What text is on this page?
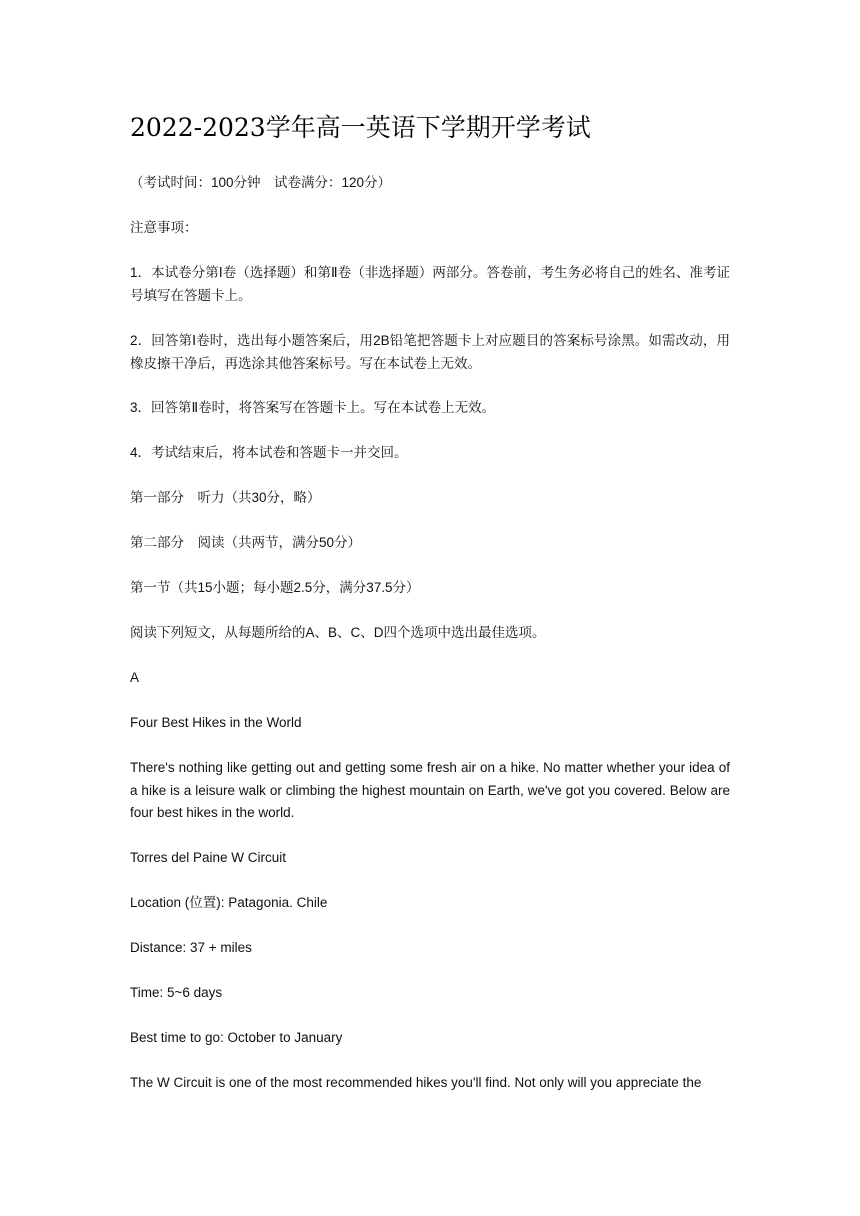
2022-2023学年高一英语下学期开学考试
（考试时间：100分钟　试卷满分：120分）
注意事项：
1．本试卷分第Ⅰ卷（选择题）和第Ⅱ卷（非选择题）两部分。答卷前，考生务必将自己的姓名、准考证号填写在答题卡上。
2．回答第Ⅰ卷时，选出每小题答案后，用2B铅笔把答题卡上对应题目的答案标号涂黑。如需改动，用橡皮擦干净后，再选涂其他答案标号。写在本试卷上无效。
3．回答第Ⅱ卷时，将答案写在答题卡上。写在本试卷上无效。
4．考试结束后，将本试卷和答题卡一并交回。
第一部分　听力（共30分，略）
第二部分　阅读（共两节，满分50分）
第一节（共15小题；每小题2.5分，满分37.5分）
阅读下列短文，从每题所给的A、B、C、D四个选项中选出最佳选项。
A
Four Best Hikes in the World
There's nothing like getting out and getting some fresh air on a hike. No matter whether your idea of a hike is a leisure walk or climbing the highest mountain on Earth, we've got you covered. Below are four best hikes in the world.
Torres del Paine W Circuit
Location (位置): Patagonia. Chile
Distance: 37 + miles
Time: 5~6 days
Best time to go: October to January
The W Circuit is one of the most recommended hikes you'll find. Not only will you appreciate the
